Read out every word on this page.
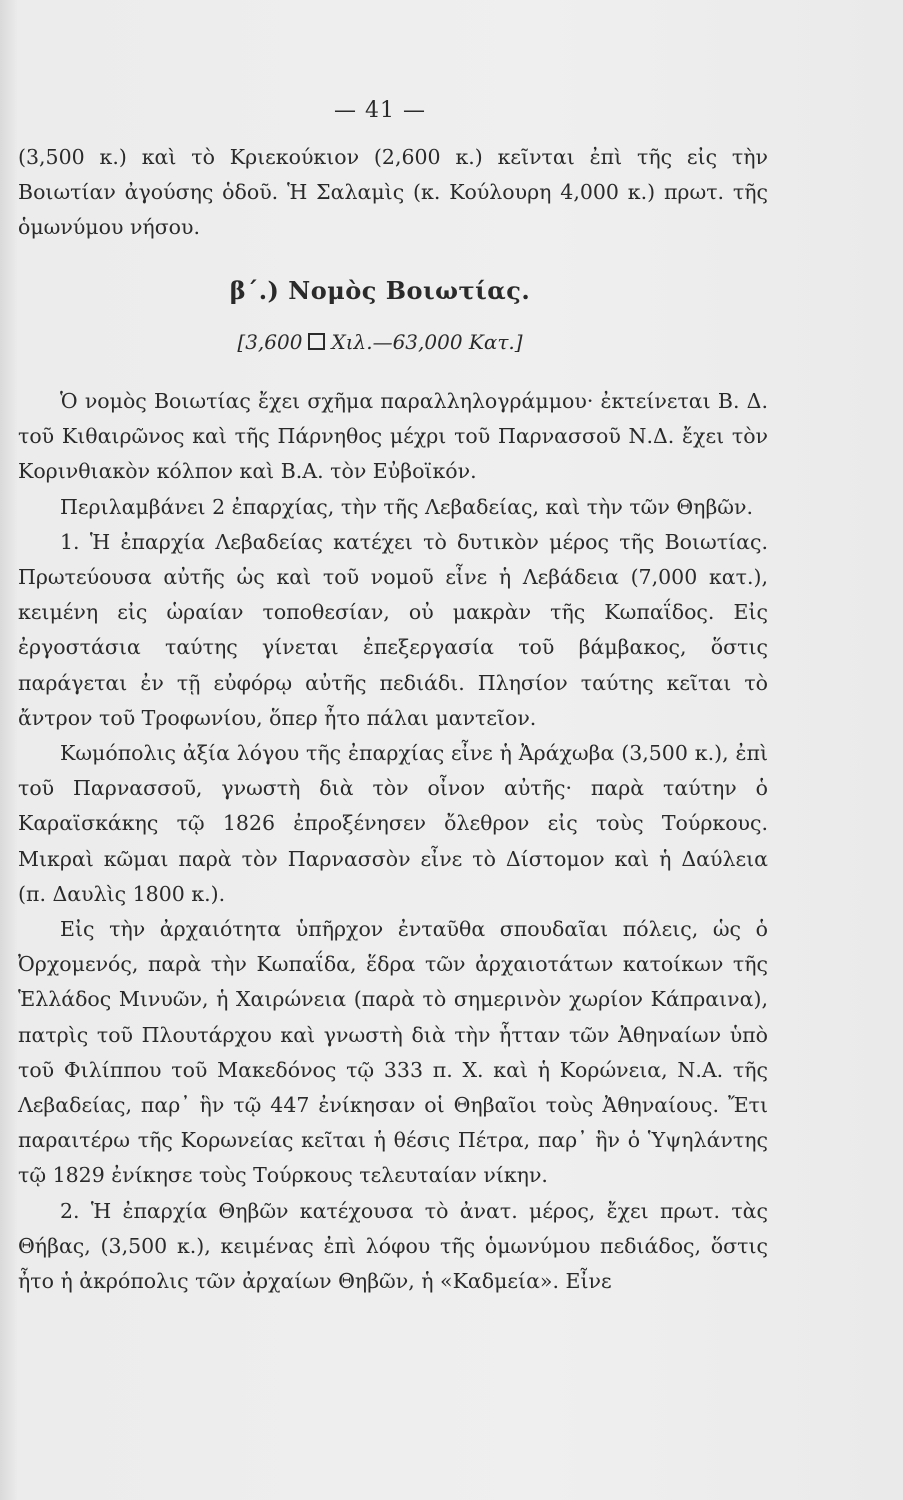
— 41 —

(3,500 κ.) καὶ τὸ Κριεκούκιον (2,600 κ.) κεῖνται ἐπὶ τῆς εἰς τὴν Βοιωτίαν ἀγούσης ὁδοῦ. Ἡ Σαλαμὶς (κ. Κούλουρη 4,000 κ.) πρωτ. τῆς ὁμωνύμου νήσου.

β΄.) Νομὸς Βοιωτίας.
[3,600 Χιλ.—63,000 Κατ.]

Ὁ νομὸς Βοιωτίας ἔχει σχῆμα παραλληλογράμμου· ἐκτείνεται Β. Δ. τοῦ Κιθαιρῶνος καὶ τῆς Πάρνηθος μέχρι τοῦ Παρνασσοῦ Ν.Δ. ἔχει τὸν Κορινθιακὸν κόλπον καὶ Β.Α. τὸν Εὐβοϊκόν.

Περιλαμβάνει 2 ἐπαρχίας, τὴν τῆς Λεβαδείας, καὶ τὴν τῶν Θηβῶν.

1. Ἡ ἐπαρχία Λεβαδείας κατέχει τὸ δυτικὸν μέρος τῆς Βοιωτίας. Πρωτεύουσα αὐτῆς ὡς καὶ τοῦ νομοῦ εἶνε ἡ Λεβάδεια (7,000 κατ.), κειμένη εἰς ὡραίαν τοποθεσίαν, οὐ μακρὰν τῆς Κωπαΐδος. Εἰς ἐργοστάσια ταύτης γίνεται ἐπεξεργασία τοῦ βάμβακος, ὅστις παράγεται ἐν τῇ εὐφόρῳ αὐτῆς πεδιάδι. Πλησίον ταύτης κεῖται τὸ ἄντρον τοῦ Τροφωνίου, ὅπερ ἦτο πάλαι μαντεῖον.

Κωμόπολις ἀξία λόγου τῆς ἐπαρχίας εἶνε ἡ Ἀράχωβα (3,500 κ.), ἐπὶ τοῦ Παρνασσοῦ, γνωστὴ διὰ τὸν οἶνον αὐτῆς· παρὰ ταύτην ὁ Καραϊσκάκης τῷ 1826 ἐπροξένησεν ὄλεθρον εἰς τοὺς Τούρκους. Μικραὶ κῶμαι παρὰ τὸν Παρνασσὸν εἶνε τὸ Δίστομον καὶ ἡ Δαύλεια (π. Δαυλὶς 1800 κ.).

Εἰς τὴν ἀρχαιότητα ὑπῆρχον ἐνταῦθα σπουδαῖαι πόλεις, ὡς ὁ Ὀρχομενός, παρὰ τὴν Κωπαΐδα, ἕδρα τῶν ἀρχαιοτάτων κατοίκων τῆς Ἑλλάδος Μινυῶν, ἡ Χαιρώνεια (παρὰ τὸ σημερινὸν χωρίον Κάπραινα), πατρὶς τοῦ Πλουτάρχου καὶ γνωστὴ διὰ τὴν ἧτταν τῶν Ἀθηναίων ὑπὸ τοῦ Φιλίππου τοῦ Μακεδόνος τῷ 333 π. Χ. καὶ ἡ Κορώνεια, Ν.Α. τῆς Λεβαδείας, παρ᾽ ἣν τῷ 447 ἐνίκησαν οἱ Θηβαῖοι τοὺς Ἀθηναίους. Ἔτι παραιτέρω τῆς Κορωνείας κεῖται ἡ θέσις Πέτρα, παρ᾽ ἣν ὁ Ὑψηλάντης τῷ 1829 ἐνίκησε τοὺς Τούρκους τελευταίαν νίκην.

2. Ἡ ἐπαρχία Θηβῶν κατέχουσα τὸ ἀνατ. μέρος, ἔχει πρωτ. τὰς Θήβας, (3,500 κ.), κειμένας ἐπὶ λόφου τῆς ὁμωνύμου πεδιάδος, ὅστις ἦτο ἡ ἀκρόπολις τῶν ἀρχαίων Θηβῶν, ἡ «Καδμεία». Εἶνε
